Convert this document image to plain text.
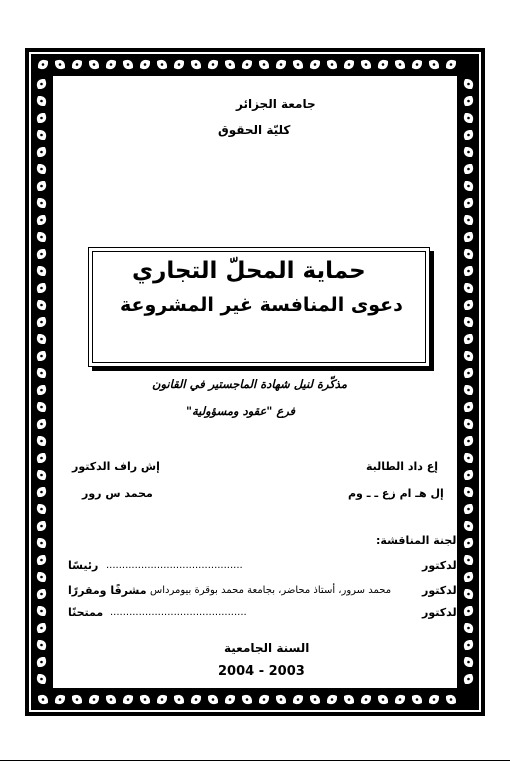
جامعة الجزائر
كليّة الحقوق
حماية المحلّ التجاري
دعوى المنافسة غير المشروعة
مذكّرة لنيل شهادة الماجستير في القانون
فرع "عقود ومسؤولية"
إع داد الطالبة
إش راف الدكتور
إل هـ ام زع ـ ـ وم
محمد س رور
لجنة المناقشة:
الدكتور
...........................................
رئيسًا
الدكتور
محمد سرور، أستاذ محاضر، بجامعة محمد بوقرة بيومرداس
مشرفًا ومقررًا
الدكتور
...........................................
ممتحنًا
السنة الجامعية
2004 - 2003
